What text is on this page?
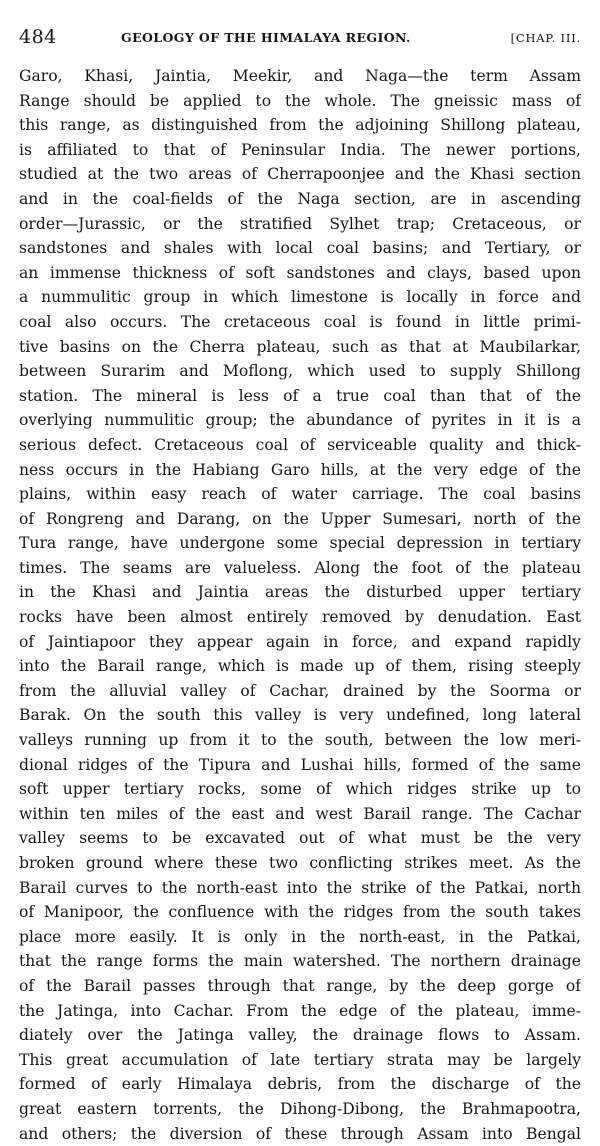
484	GEOLOGY OF THE HIMALAYA REGION.	[CHAP. III.
Garo, Khasi, Jaintia, Meekir, and Naga—the term Assam
Range should be applied to the whole. The gneissic mass of
this range, as distinguished from the adjoining Shillong plateau,
is affiliated to that of Peninsular India. The newer portions,
studied at the two areas of Cherrapoonjee and the Khasi section
and in the coal-fields of the Naga section, are in ascending
order—Jurassic, or the stratified Sylhet trap; Cretaceous, or
sandstones and shales with local coal basins; and Tertiary, or
an immense thickness of soft sandstones and clays, based upon
a nummulitic group in which limestone is locally in force and
coal also occurs. The cretaceous coal is found in little primi-
tive basins on the Cherra plateau, such as that at Maubilarkar,
between Surarim and Moflong, which used to supply Shillong
station. The mineral is less of a true coal than that of the
overlying nummulitic group; the abundance of pyrites in it is a
serious defect. Cretaceous coal of serviceable quality and thick-
ness occurs in the Habiang Garo hills, at the very edge of the
plains, within easy reach of water carriage. The coal basins
of Rongreng and Darang, on the Upper Sumesari, north of the
Tura range, have undergone some special depression in tertiary
times. The seams are valueless. Along the foot of the plateau
in the Khasi and Jaintia areas the disturbed upper tertiary
rocks have been almost entirely removed by denudation. East
of Jaintiapoor they appear again in force, and expand rapidly
into the Barail range, which is made up of them, rising steeply
from the alluvial valley of Cachar, drained by the Soorma or
Barak. On the south this valley is very undefined, long lateral
valleys running up from it to the south, between the low meri-
dional ridges of the Tipura and Lushai hills, formed of the same
soft upper tertiary rocks, some of which ridges strike up to
within ten miles of the east and west Barail range. The Cachar
valley seems to be excavated out of what must be the very
broken ground where these two conflicting strikes meet. As the
Barail curves to the north-east into the strike of the Patkai, north
of Manipoor, the confluence with the ridges from the south takes
place more easily. It is only in the north-east, in the Patkai,
that the range forms the main watershed. The northern drainage
of the Barail passes through that range, by the deep gorge of
the Jatinga, into Cachar. From the edge of the plateau, imme-
diately over the Jatinga valley, the drainage flows to Assam.
This great accumulation of late tertiary strata may be largely
formed of early Himalaya debris, from the discharge of the
great eastern torrents, the Dihong-Dibong, the Brahmapootra,
and others; the diversion of these through Assam into Bengal
